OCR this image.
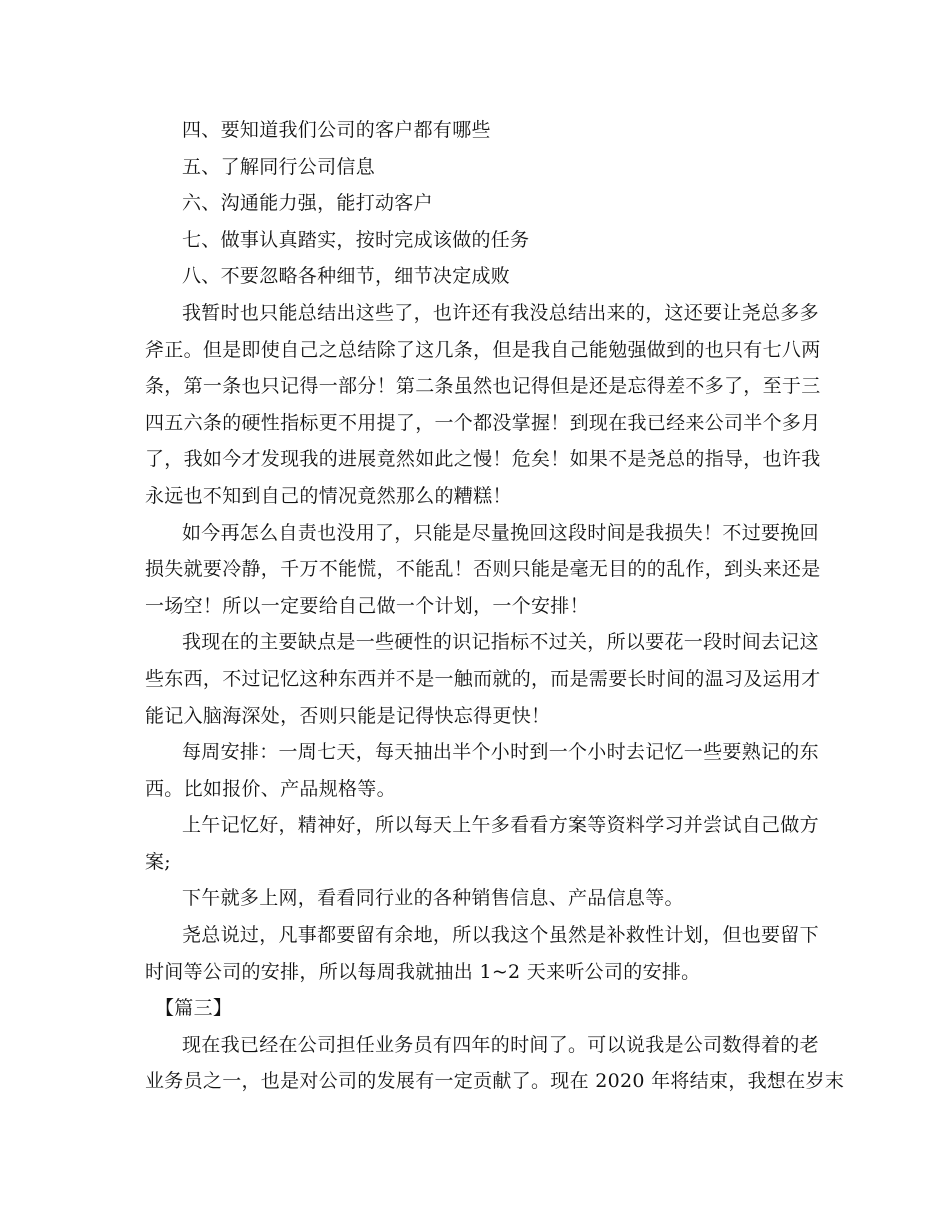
四、要知道我们公司的客户都有哪些
五、了解同行公司信息
六、沟通能力强，能打动客户
七、做事认真踏实，按时完成该做的任务
八、不要忽略各种细节，细节决定成败
我暂时也只能总结出这些了，也许还有我没总结出来的，这还要让尧总多多
斧正。但是即使自己之总结除了这几条，但是我自己能勉强做到的也只有七八两
条，第一条也只记得一部分！第二条虽然也记得但是还是忘得差不多了，至于三
四五六条的硬性指标更不用提了，一个都没掌握！到现在我已经来公司半个多月
了，我如今才发现我的进展竟然如此之慢！危矣！如果不是尧总的指导，也许我
永远也不知到自己的情况竟然那么的糟糕！
如今再怎么自责也没用了，只能是尽量挽回这段时间是我损失！不过要挽回
损失就要冷静，千万不能慌，不能乱！否则只能是毫无目的的乱作，到头来还是
一场空！所以一定要给自己做一个计划，一个安排！
我现在的主要缺点是一些硬性的识记指标不过关，所以要花一段时间去记这
些东西，不过记忆这种东西并不是一触而就的，而是需要长时间的温习及运用才
能记入脑海深处，否则只能是记得快忘得更快！
每周安排：一周七天，每天抽出半个小时到一个小时去记忆一些要熟记的东
西。比如报价、产品规格等。
上午记忆好，精神好，所以每天上午多看看方案等资料学习并尝试自己做方
案;
下午就多上网，看看同行业的各种销售信息、产品信息等。
尧总说过，凡事都要留有余地，所以我这个虽然是补救性计划，但也要留下
时间等公司的安排，所以每周我就抽出 1~2 天来听公司的安排。
【篇三】
现在我已经在公司担任业务员有四年的时间了。可以说我是公司数得着的老
业务员之一，也是对公司的发展有一定贡献了。现在 2020 年将结束，我想在岁末
